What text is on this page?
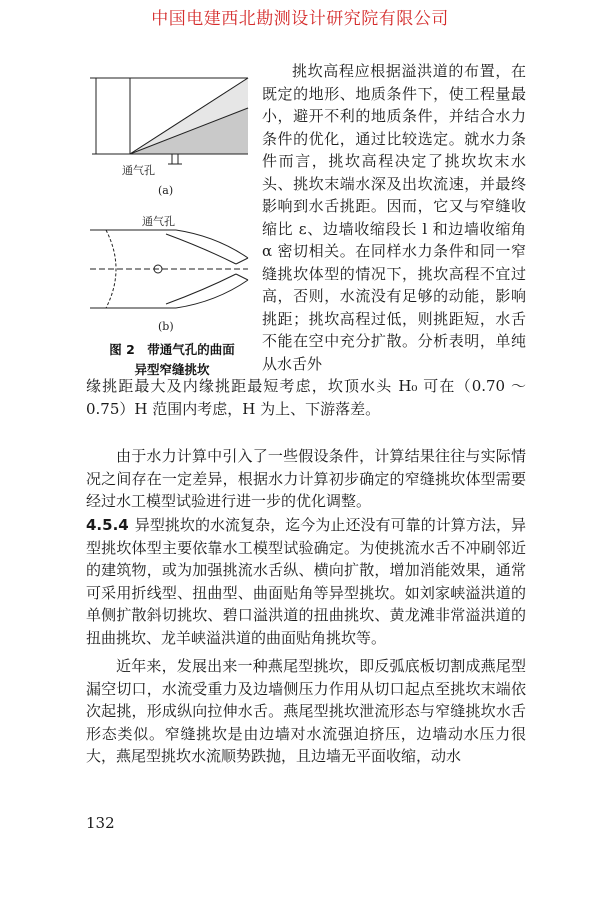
中国电建西北勘测设计研究院有限公司
通气孔
(a)
通气孔
(b)
图 2　带通气孔的曲面
异型窄缝挑坎
挑坎高程应根据溢洪道的布置，在既定的地形、地质条件下，使工程量最小，避开不利的地质条件，并结合水力条件的优化，通过比较选定。就水力条件而言，挑坎高程决定了挑坎坎末水头、挑坎末端水深及出坎流速，并最终影响到水舌挑距。因而，它又与窄缝收缩比 ε、边墙收缩段长 l 和边墙收缩角 α 密切相关。在同样水力条件和同一窄缝挑坎体型的情况下，挑坎高程不宜过高，否则，水流没有足够的动能，影响挑距；挑坎高程过低，则挑距短，水舌不能在空中充分扩散。分析表明，单纯从水舌外
缘挑距最大及内缘挑距最短考虑，坎顶水头 H₀ 可在（0.70 ～ 0.75）H 范围内考虑，H 为上、下游落差。
由于水力计算中引入了一些假设条件，计算结果往往与实际情况之间存在一定差异，根据水力计算初步确定的窄缝挑坎体型需要经过水工模型试验进行进一步的优化调整。
4.5.4 异型挑坎的水流复杂，迄今为止还没有可靠的计算方法，异型挑坎体型主要依靠水工模型试验确定。为使挑流水舌不冲刷邻近的建筑物，或为加强挑流水舌纵、横向扩散，增加消能效果，通常可采用折线型、扭曲型、曲面贴角等异型挑坎。如刘家峡溢洪道的单侧扩散斜切挑坎、碧口溢洪道的扭曲挑坎、黄龙滩非常溢洪道的扭曲挑坎、龙羊峡溢洪道的曲面贴角挑坎等。
近年来，发展出来一种燕尾型挑坎，即反弧底板切割成燕尾型漏空切口，水流受重力及边墙侧压力作用从切口起点至挑坎末端依次起挑，形成纵向拉伸水舌。燕尾型挑坎泄流形态与窄缝挑坎水舌形态类似。窄缝挑坎是由边墙对水流强迫挤压，边墙动水压力很大，燕尾型挑坎水流顺势跌抛，且边墙无平面收缩，动水
132
